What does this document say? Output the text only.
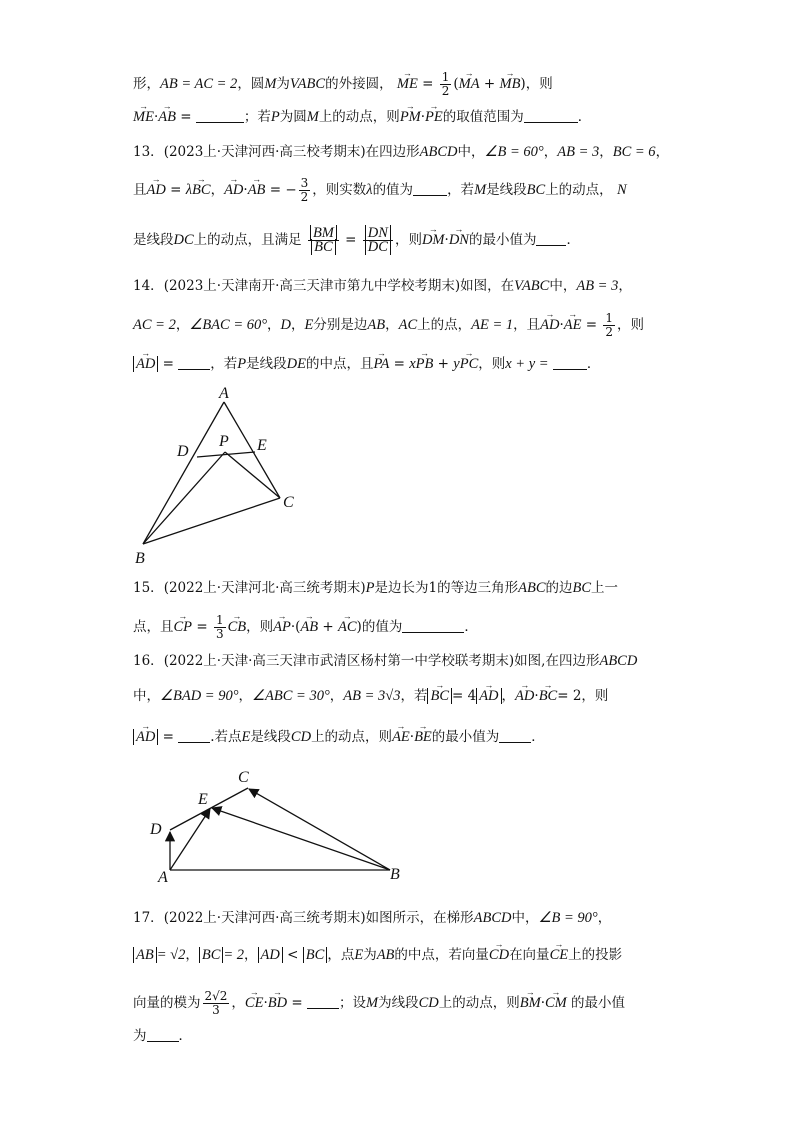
形，AB = AC = 2，圆M为VABC的外接圆， → ME = $\frac{1}{2}$ (→ MA + → MB)，则
→ ME·→ AB =	；若P为圆M上的动点，则→ PM·→ PE的取值范围为	．
13．(2023上·天津河西·高三校考期末)在四边形ABCD中，∠B = 60°，AB = 3，BC = 6，
且→ AD = λ→ BC，→ AD·→ AB = − $\frac{3}{2}$ ，则实数λ的值为	，若M是线段BC上的动点， N
是线段DC上的动点，且满足 $\frac{BM}{BC} = \frac{DN}{DC}$ ，则→ DM·→ DN的最小值为 ．
14．(2023上·天津南开·高三天津市第九中学校考期末)如图，在VABC中，AB = 3，
AC = 2，∠BAC = 60°，D，E分别是边AB，AC上的点，AE = 1，且→ AD·→ AE = $\frac{1}{2}$ ，则
→ AD = ，若P是线段DE的中点，且→ PA = x→ PB + y→ PC，则x + y =	．
A
B
C
D	E
P
15．(2022上·天津河北·高三统考期末)P是边长为1的等边三角形ABC的边BC上一
点，且→ CP = $\frac{1}{3}$ → CB，则→ AP·(→ AB + → AC)的值为	．
16．(2022上·天津·高三天津市武清区杨村第一中学校联考期末)如图,在四边形ABCD
中，∠BAD = 90°，∠ABC = 30°，AB = 3√3，若 → BC = 4 → AD ，→ AD·→ BC= 2，则
→ AD = .若点E是线段CD上的动点，则→ AE·→ BE的最小值为 ．
A	B
C
D
E
17．(2022上·天津河西·高三统考期末)如图所示，在梯形ABCD中，∠B = 90°，
AB = √2， BC = 2， AD < BC ，点E为AB的中点，若向量→ CD在向量→ CE上的投影
向量的模为 $\frac{2√2}{3}$ ，→ CE·→ BD = ；设M为线段CD上的动点，则→ BM·→ CM 的最小值
为 ．
